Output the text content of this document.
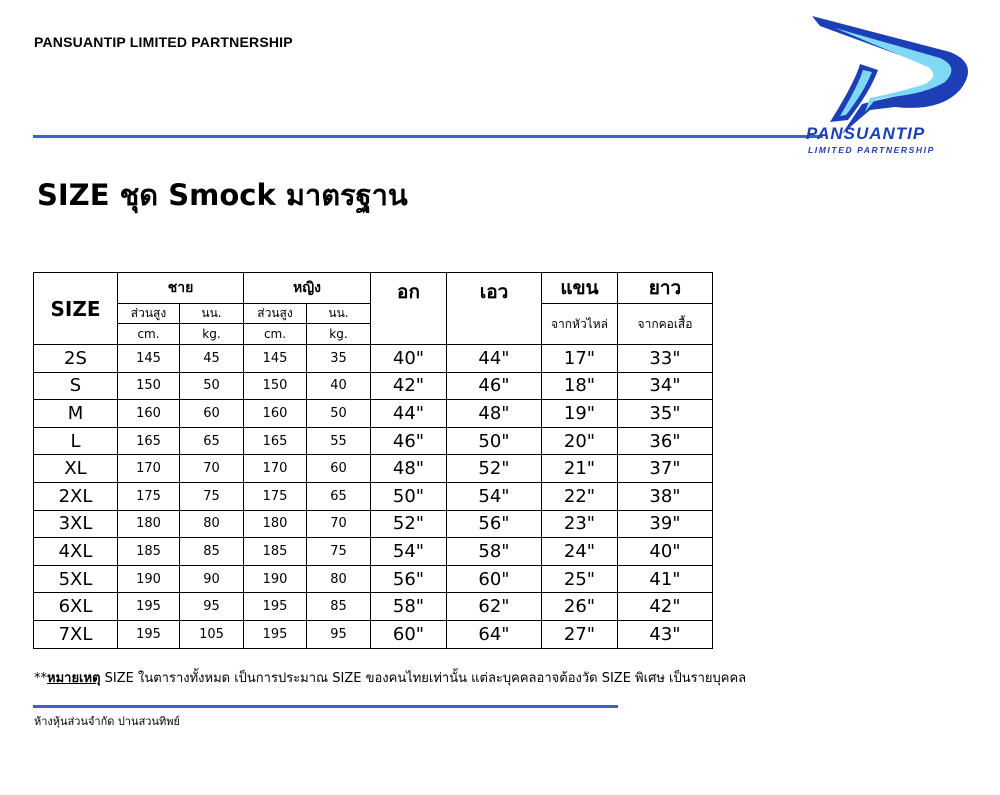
PANSUANTIP LIMITED PARTNERSHIP
PANSUANTIP
LIMITED PARTNERSHIP
SIZE ชุด Smock มาตรฐาน
SIZE	ชาย		หญิง		อก	เอว	แขน	ยาว
	ส่วนสูง	นน.	ส่วนสูง	นน.			จากหัวไหล่	จากคอเสื้อ
	cm.	kg.	cm.	kg.				
2S	145	45	145	35	40"	44"	17"	33"
S	150	50	150	40	42"	46"	18"	34"
M	160	60	160	50	44"	48"	19"	35"
L	165	65	165	55	46"	50"	20"	36"
XL	170	70	170	60	48"	52"	21"	37"
2XL	175	75	175	65	50"	54"	22"	38"
3XL	180	80	180	70	52"	56"	23"	39"
4XL	185	85	185	75	54"	58"	24"	40"
5XL	190	90	190	80	56"	60"	25"	41"
6XL	195	95	195	85	58"	62"	26"	42"
7XL	195	105	195	95	60"	64"	27"	43"
**หมายเหตุ SIZE ในตารางทั้งหมด เป็นการประมาณ SIZE ของคนไทยเท่านั้น แต่ละบุคคลอาจต้องวัด SIZE พิเศษ เป็นรายบุคคล
ห้างหุ้นส่วนจำกัด ปานสวนทิพย์
